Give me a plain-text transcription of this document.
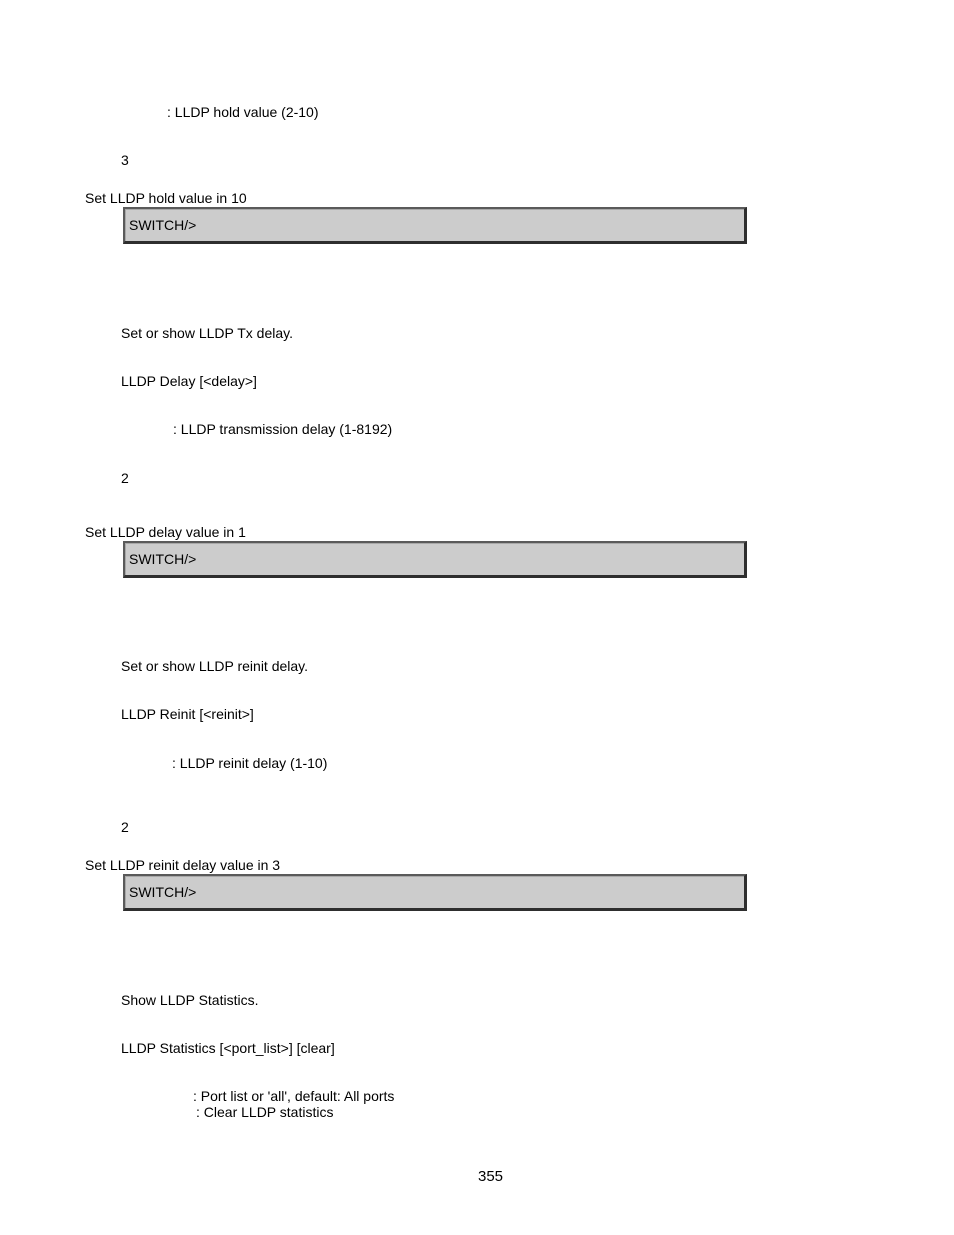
: LLDP hold value (2-10)
3
Set LLDP hold value in 10
SWITCH/>
Set or show LLDP Tx delay.
LLDP Delay [<delay>]
: LLDP transmission delay (1-8192)
2
Set LLDP delay value in 1
SWITCH/>
Set or show LLDP reinit delay.
LLDP Reinit [<reinit>]
: LLDP reinit delay (1-10)
2
Set LLDP reinit delay value in 3
SWITCH/>
Show LLDP Statistics.
LLDP Statistics [<port_list>] [clear]
: Port list or 'all', default: All ports
: Clear LLDP statistics
355
